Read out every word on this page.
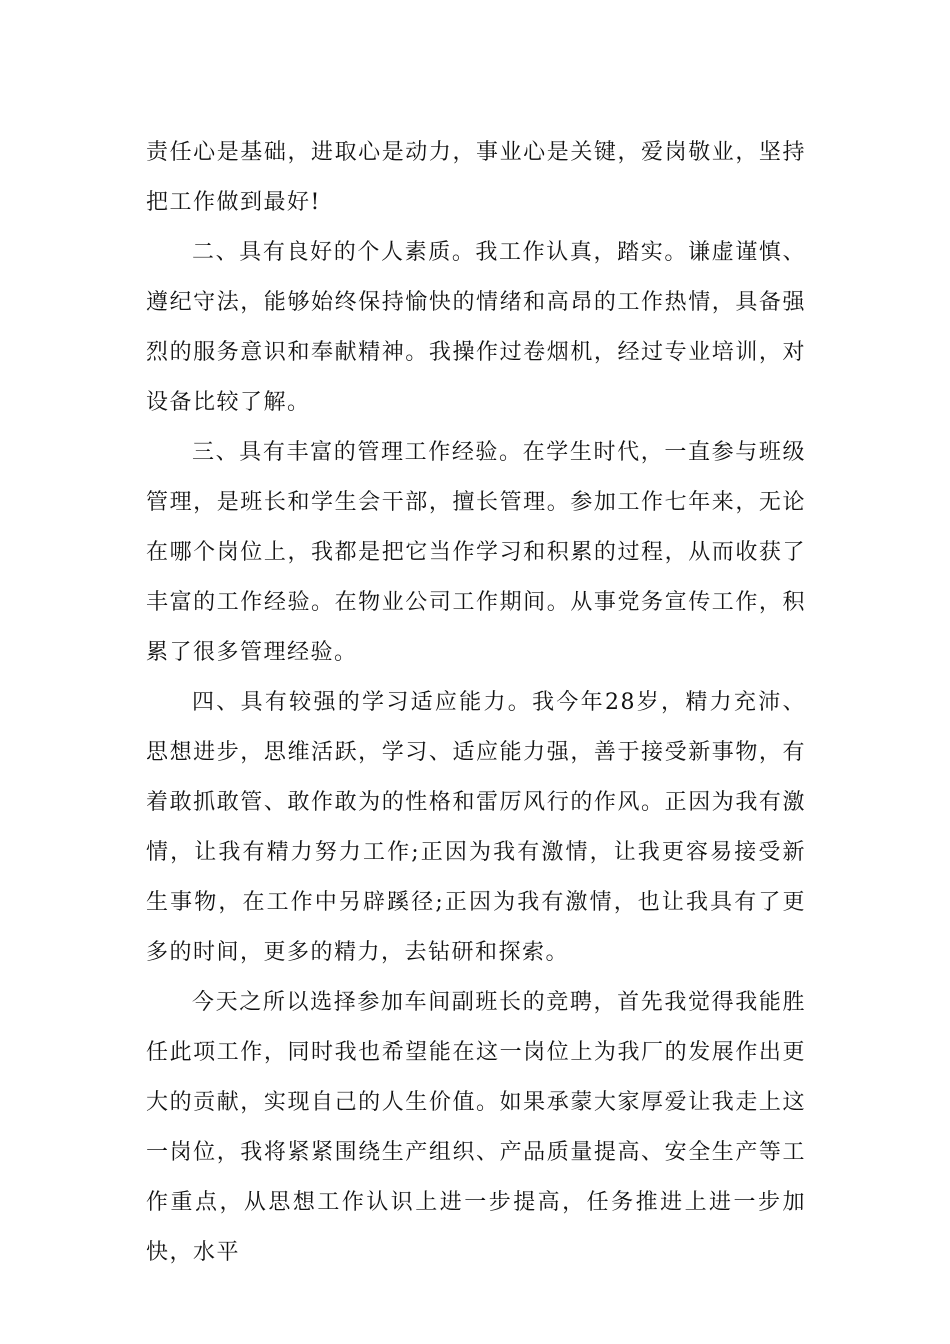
责任心是基础，进取心是动力，事业心是关键，爱岗敬业，坚持把工作做到最好!

二、具有良好的个人素质。我工作认真，踏实。谦虚谨慎、遵纪守法，能够始终保持愉快的情绪和高昂的工作热情，具备强烈的服务意识和奉献精神。我操作过卷烟机，经过专业培训，对设备比较了解。

三、具有丰富的管理工作经验。在学生时代，一直参与班级管理，是班长和学生会干部，擅长管理。参加工作七年来，无论在哪个岗位上，我都是把它当作学习和积累的过程，从而收获了丰富的工作经验。在物业公司工作期间。从事党务宣传工作，积累了很多管理经验。

四、具有较强的学习适应能力。我今年28岁，精力充沛、思想进步，思维活跃，学习、适应能力强，善于接受新事物，有着敢抓敢管、敢作敢为的性格和雷厉风行的作风。正因为我有激情，让我有精力努力工作;正因为我有激情，让我更容易接受新生事物，在工作中另辟蹊径;正因为我有激情，也让我具有了更多的时间，更多的精力，去钻研和探索。

今天之所以选择参加车间副班长的竞聘，首先我觉得我能胜任此项工作，同时我也希望能在这一岗位上为我厂的发展作出更大的贡献，实现自己的人生价值。如果承蒙大家厚爱让我走上这一岗位，我将紧紧围绕生产组织、产品质量提高、安全生产等工作重点，从思想工作认识上进一步提高，任务推进上进一步加快，水平
